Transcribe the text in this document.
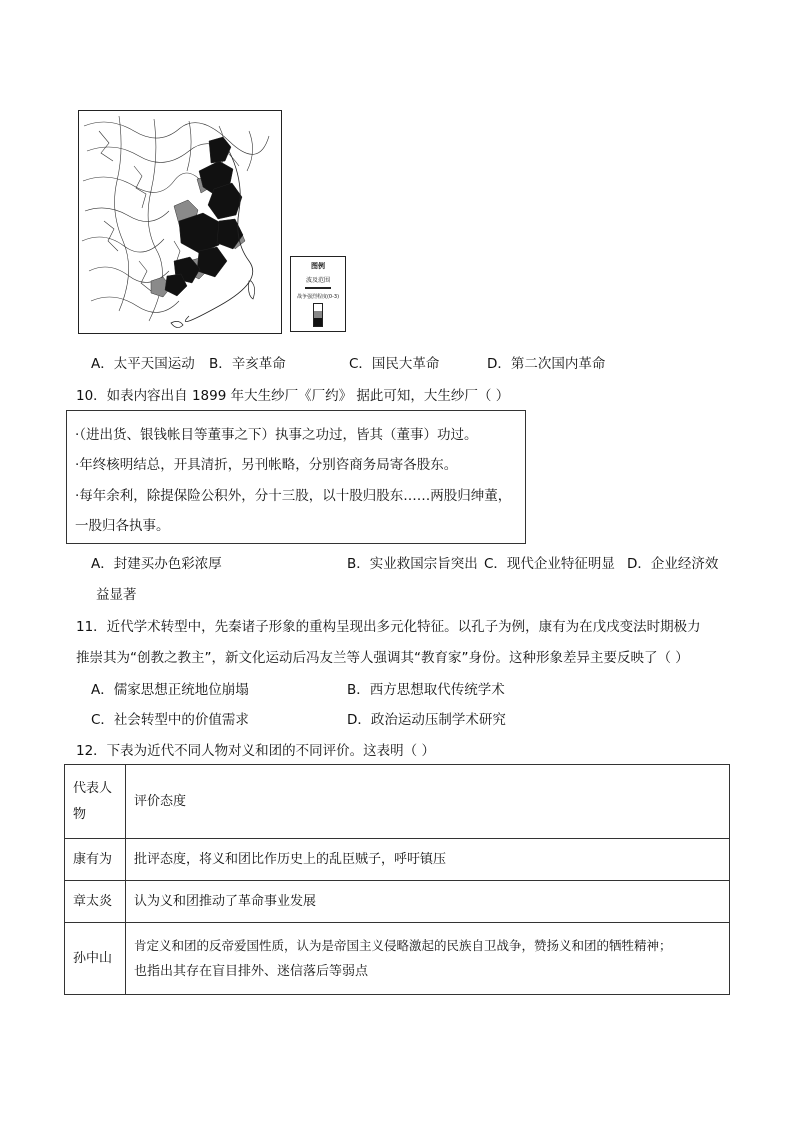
图例
波及范围
战争强烈程度(0-3)
A．太平天国运动 B．辛亥革命	C．国民大革命	D．第二次国内革命
10．如表内容出自 1899 年大生纱厂《厂约》 据此可知，大生纱厂（ ）
·（进出货、银钱帐目等董事之下）执事之功过，皆其（董事）功过。
·年终核明结总，开具清折，另刊帐略，分别咨商务局寄各股东。
·每年余利，除提保险公积外，分十三股，以十股归股东……两股归绅董，
一股归各执事。
A．封建买办色彩浓厚	B．实业救国宗旨突出 C．现代企业特征明显 D．企业经济效
益显著
11．近代学术转型中，先秦诸子形象的重构呈现出多元化特征。以孔子为例，康有为在戊戌变法时期极力
推崇其为“创教之教主”，新文化运动后冯友兰等人强调其“教育家”身份。这种形象差异主要反映了（ ）
A．儒家思想正统地位崩塌	B．西方思想取代传统学术
C．社会转型中的价值需求	D．政治运动压制学术研究
12．下表为近代不同人物对义和团的不同评价。这表明（ ）
代表人
物	评价态度
康有为	批评态度，将义和团比作历史上的乱臣贼子，呼吁镇压
章太炎	认为义和团推动了革命事业发展
孙中山	肯定义和团的反帝爱国性质，认为是帝国主义侵略激起的民族自卫战争，赞扬义和团的牺牲精神；
也指出其存在盲目排外、迷信落后等弱点
